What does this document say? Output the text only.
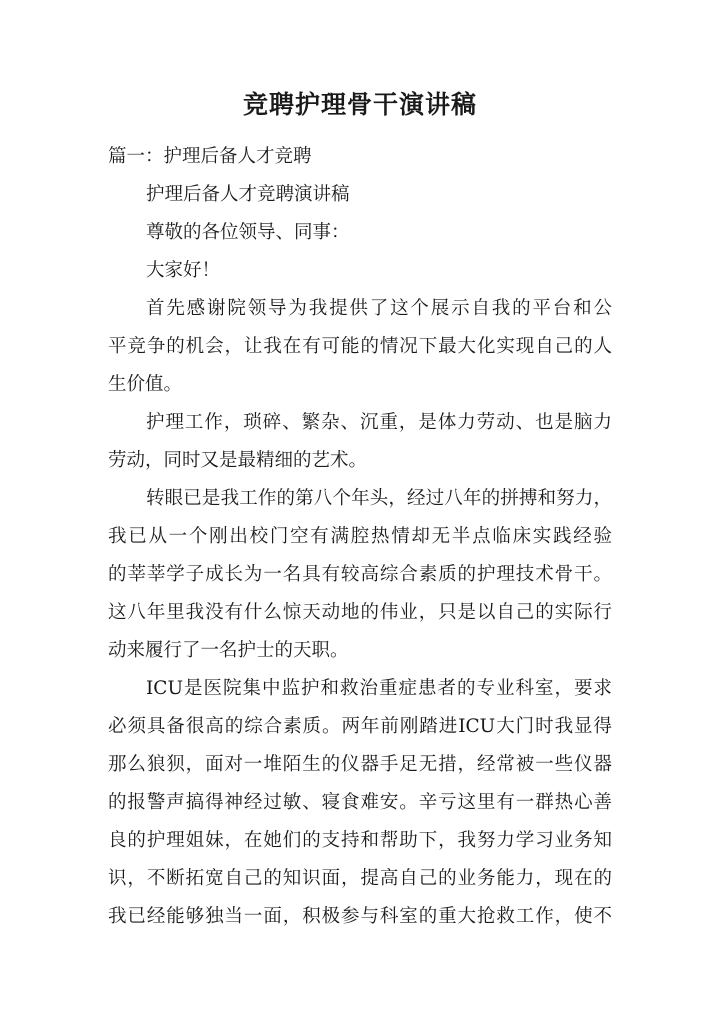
竞聘护理骨干演讲稿
篇一：护理后备人才竞聘
护理后备人才竞聘演讲稿
尊敬的各位领导、同事：
大家好！
首先感谢院领导为我提供了这个展示自我的平台和公
平竞争的机会，让我在有可能的情况下最大化实现自己的人
生价值。
护理工作，琐碎、繁杂、沉重，是体力劳动、也是脑力
劳动，同时又是最精细的艺术。
转眼已是我工作的第八个年头，经过八年的拼搏和努力，
我已从一个刚出校门空有满腔热情却无半点临床实践经验
的莘莘学子成长为一名具有较高综合素质的护理技术骨干。
这八年里我没有什么惊天动地的伟业，只是以自己的实际行
动来履行了一名护士的天职。
ICU是医院集中监护和救治重症患者的专业科室，要求
必须具备很高的综合素质。两年前刚踏进ICU大门时我显得
那么狼狈，面对一堆陌生的仪器手足无措，经常被一些仪器
的报警声搞得神经过敏、寝食难安。辛亏这里有一群热心善
良的护理姐妹，在她们的支持和帮助下，我努力学习业务知
识，不断拓宽自己的知识面，提高自己的业务能力，现在的
我已经能够独当一面，积极参与科室的重大抢救工作，使不
